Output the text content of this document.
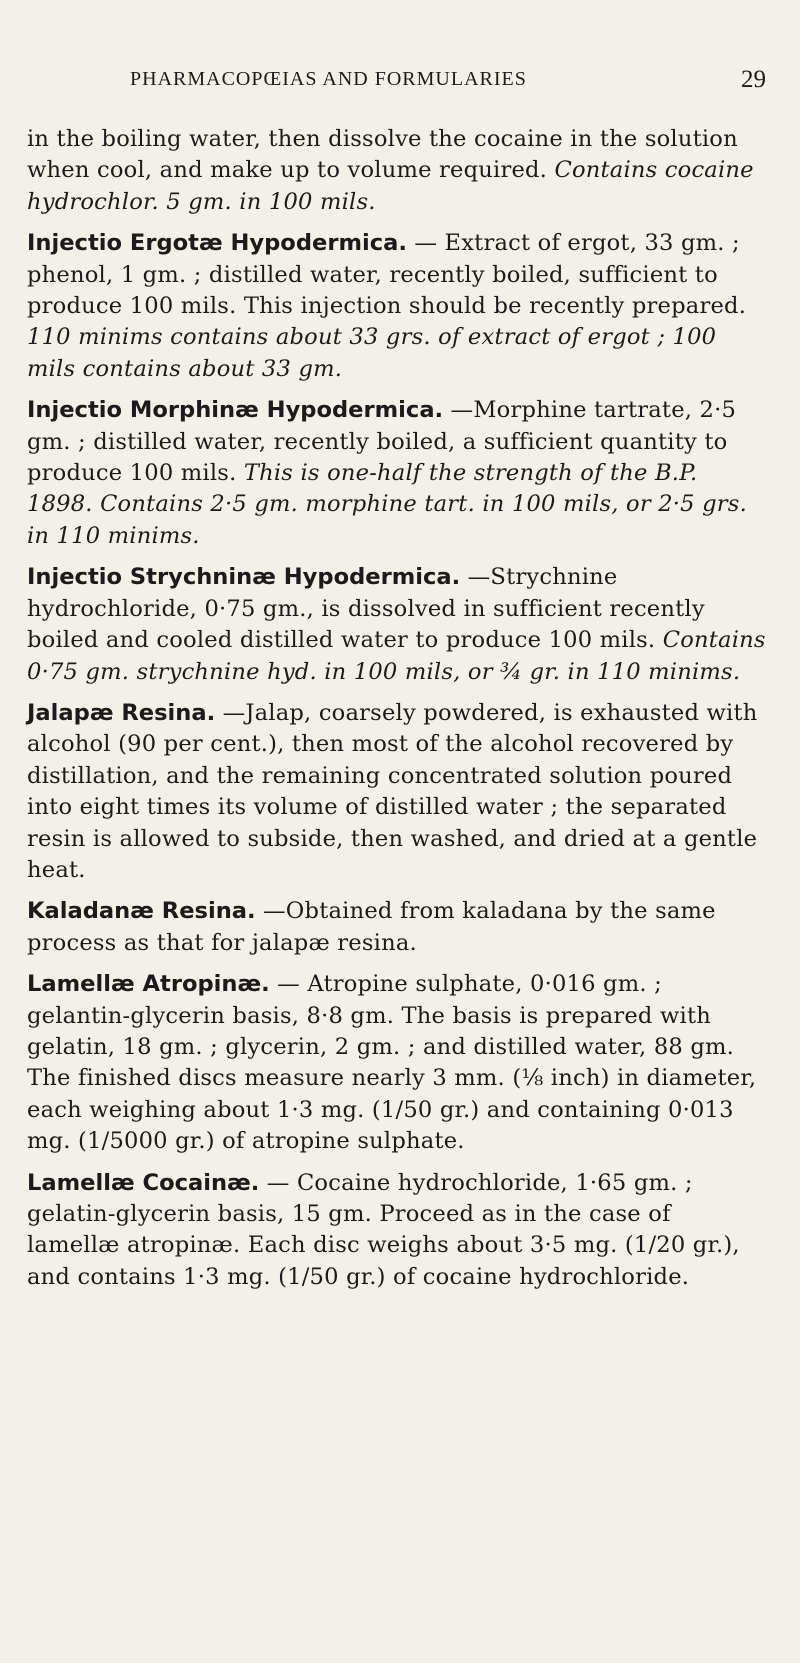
PHARMACOPŒIAS AND FORMULARIES	29

in the boiling water, then dissolve the cocaine in the solution when cool, and make up to volume required. Contains cocaine hydrochlor. 5 gm. in 100 mils.

Injectio Ergotæ Hypodermica. — Extract of ergot, 33 gm. ; phenol, 1 gm. ; distilled water, recently boiled, sufficient to produce 100 mils. This injection should be recently prepared. 110 minims contains about 33 grs. of extract of ergot ; 100 mils contains about 33 gm.

Injectio Morphinæ Hypodermica. —Morphine tartrate, 2·5 gm. ; distilled water, recently boiled, a sufficient quantity to produce 100 mils. This is one-half the strength of the B.P. 1898. Contains 2·5 gm. morphine tart. in 100 mils, or 2·5 grs. in 110 minims.

Injectio Strychninæ Hypodermica. —Strychnine hydrochloride, 0·75 gm., is dissolved in sufficient recently boiled and cooled distilled water to produce 100 mils. Contains 0·75 gm. strychnine hyd. in 100 mils, or ¾ gr. in 110 minims.

Jalapæ Resina. —Jalap, coarsely powdered, is exhausted with alcohol (90 per cent.), then most of the alcohol recovered by distillation, and the remaining concentrated solution poured into eight times its volume of distilled water ; the separated resin is allowed to subside, then washed, and dried at a gentle heat.

Kaladanæ Resina. —Obtained from kaladana by the same process as that for jalapæ resina.

Lamellæ Atropinæ. — Atropine sulphate, 0·016 gm. ; gelantin-glycerin basis, 8·8 gm. The basis is prepared with gelatin, 18 gm. ; glycerin, 2 gm. ; and distilled water, 88 gm. The finished discs measure nearly 3 mm. (⅛ inch) in diameter, each weighing about 1·3 mg. (1/50 gr.) and containing 0·013 mg. (1/5000 gr.) of atropine sulphate.

Lamellæ Cocainæ. — Cocaine hydrochloride, 1·65 gm. ; gelatin-glycerin basis, 15 gm. Proceed as in the case of lamellæ atropinæ. Each disc weighs about 3·5 mg. (1/20 gr.), and contains 1·3 mg. (1/50 gr.) of cocaine hydrochloride.
